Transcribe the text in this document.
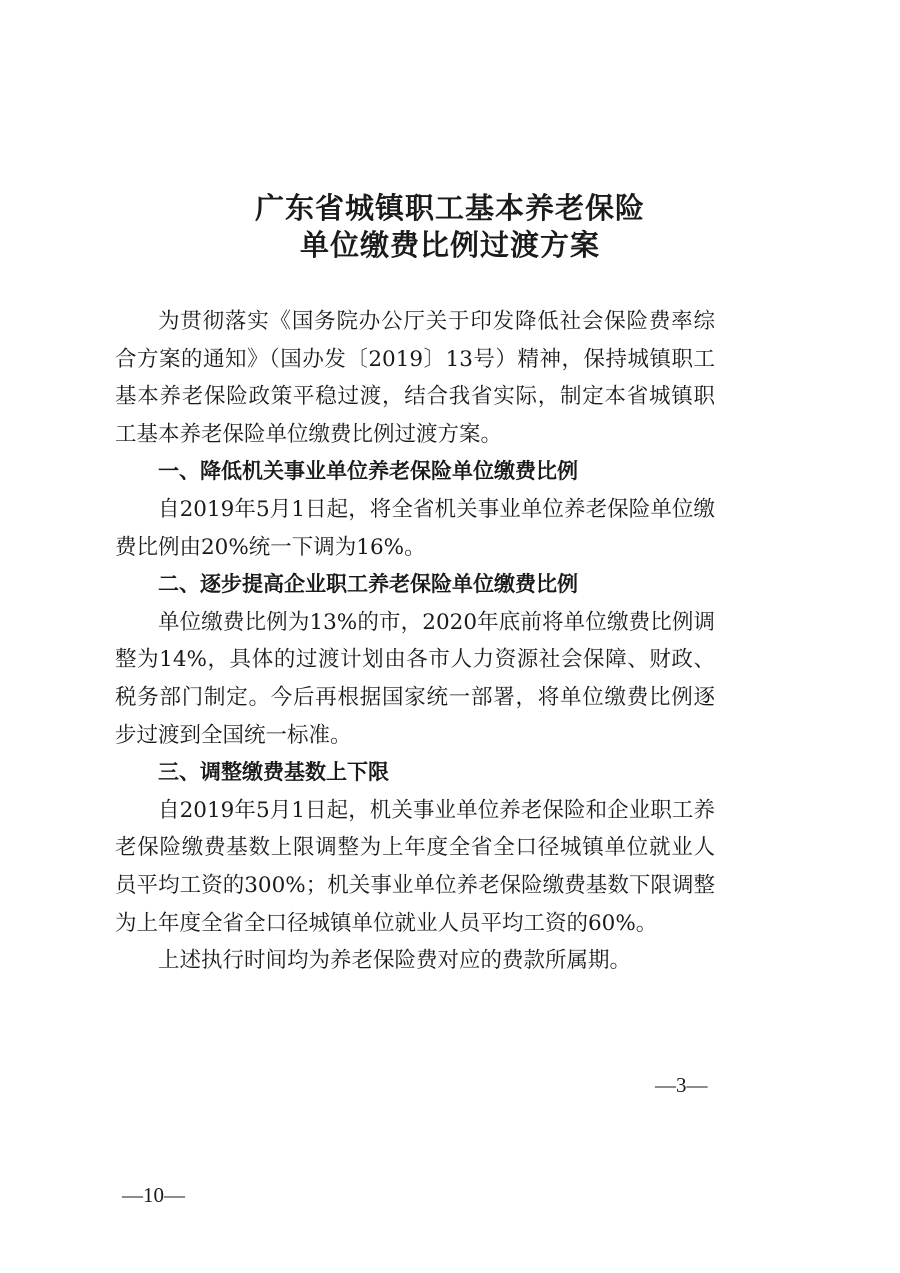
广东省城镇职工基本养老保险
单位缴费比例过渡方案

为贯彻落实《国务院办公厅关于印发降低社会保险费率综合方案的通知》（国办发〔2019〕13号）精神，保持城镇职工基本养老保险政策平稳过渡，结合我省实际，制定本省城镇职工基本养老保险单位缴费比例过渡方案。

一、降低机关事业单位养老保险单位缴费比例

自2019年5月1日起，将全省机关事业单位养老保险单位缴费比例由20%统一下调为16%。

二、逐步提高企业职工养老保险单位缴费比例

单位缴费比例为13%的市，2020年底前将单位缴费比例调整为14%，具体的过渡计划由各市人力资源社会保障、财政、税务部门制定。今后再根据国家统一部署，将单位缴费比例逐步过渡到全国统一标准。

三、调整缴费基数上下限

自2019年5月1日起，机关事业单位养老保险和企业职工养老保险缴费基数上限调整为上年度全省全口径城镇单位就业人员平均工资的300%；机关事业单位养老保险缴费基数下限调整为上年度全省全口径城镇单位就业人员平均工资的60%。

上述执行时间均为养老保险费对应的费款所属期。

—3—
—10—
